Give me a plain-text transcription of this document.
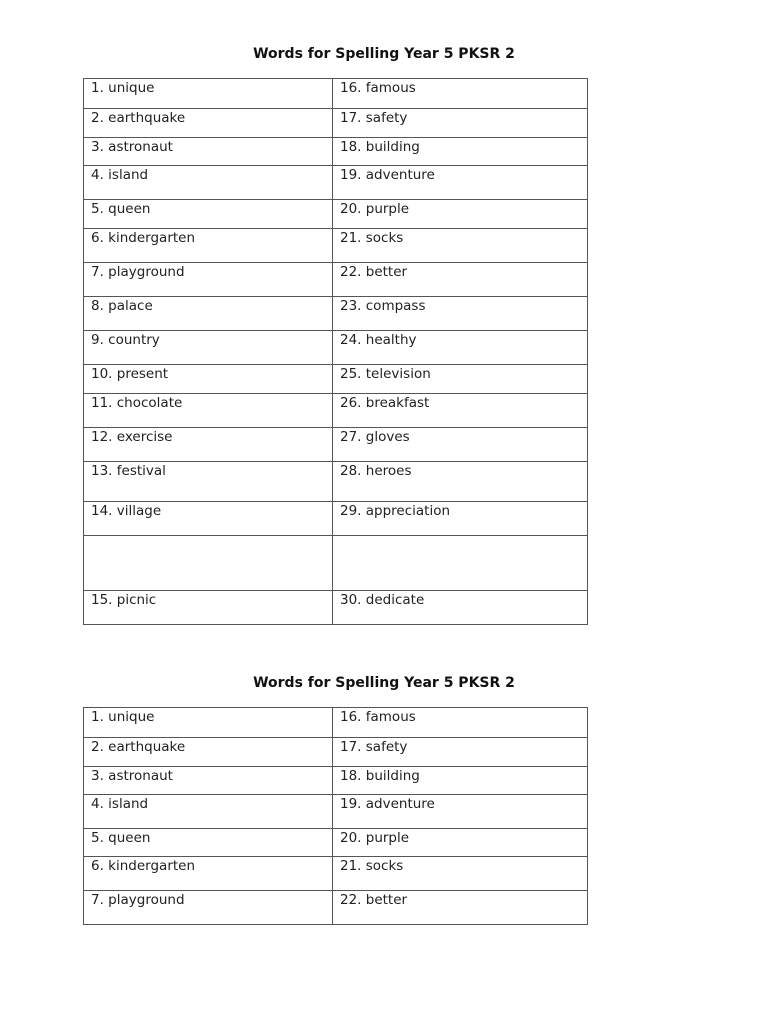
Words for Spelling Year 5 PKSR 2
1. unique	16. famous

2. earthquake	17. safety

3. astronaut	18. building

4. island	19. adventure

5. queen	20. purple

6. kindergarten	21. socks

7. playground	22. better

8. palace	23. compass

9. country	24. healthy

10. present	25. television

11. chocolate	26. breakfast

12. exercise	27. gloves

13. festival	28. heroes

14. village	29. appreciation

15. picnic	30. dedicate
Words for Spelling Year 5 PKSR 2
1. unique	16. famous

2. earthquake	17. safety

3. astronaut	18. building

4. island	19. adventure

5. queen	20. purple

6. kindergarten	21. socks

7. playground	22. better
